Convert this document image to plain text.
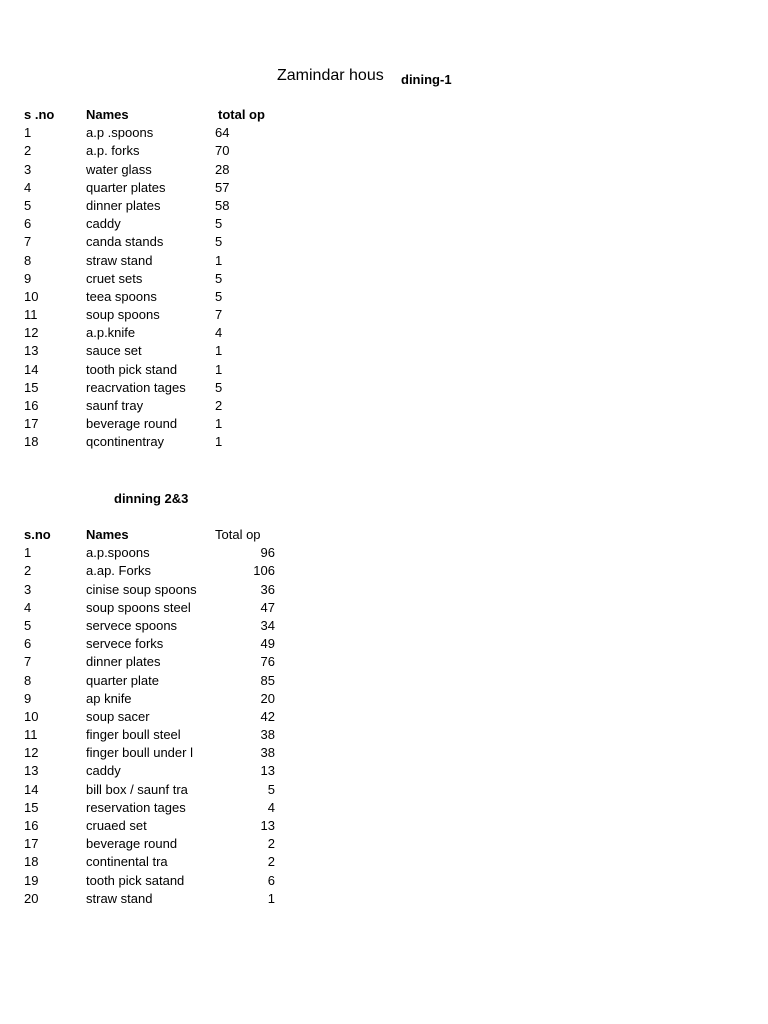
Zamindar hous dining-1
s .no Names	total op
1	a.p .spoons	64
2	a.p. forks	70
3	water glass	28
4	quarter plates	57
5	dinner plates	58
6	caddy	5
7	canda stands	5
8	straw stand	1
9	cruet sets	5
10	teea spoons	5
11	soup spoons	7
12	a.p.knife	4
13	sauce set	1
14	tooth pick stand	1
15	reacrvation tages	5
16	saunf tray	2
17	beverage round	1
18	qcontinentray	1
dinning 2&3
s.no	Names	Total op
1	a.p.spoons	96
2	a.ap. Forks	106
3	cinise soup spoons	36
4	soup spoons steel	47
5	servece spoons	34
6	servece forks	49
7	dinner plates	76
8	quarter plate	85
9	ap knife	20
10	soup sacer	42
11	finger boull steel	38
12	finger boull under l	38
13	caddy	13
14	bill box / saunf tra	5
15	reservation tages	4
16	cruaed set	13
17	beverage round	2
18	continental tra	2
19	tooth pick satand	6
20	straw stand	1
